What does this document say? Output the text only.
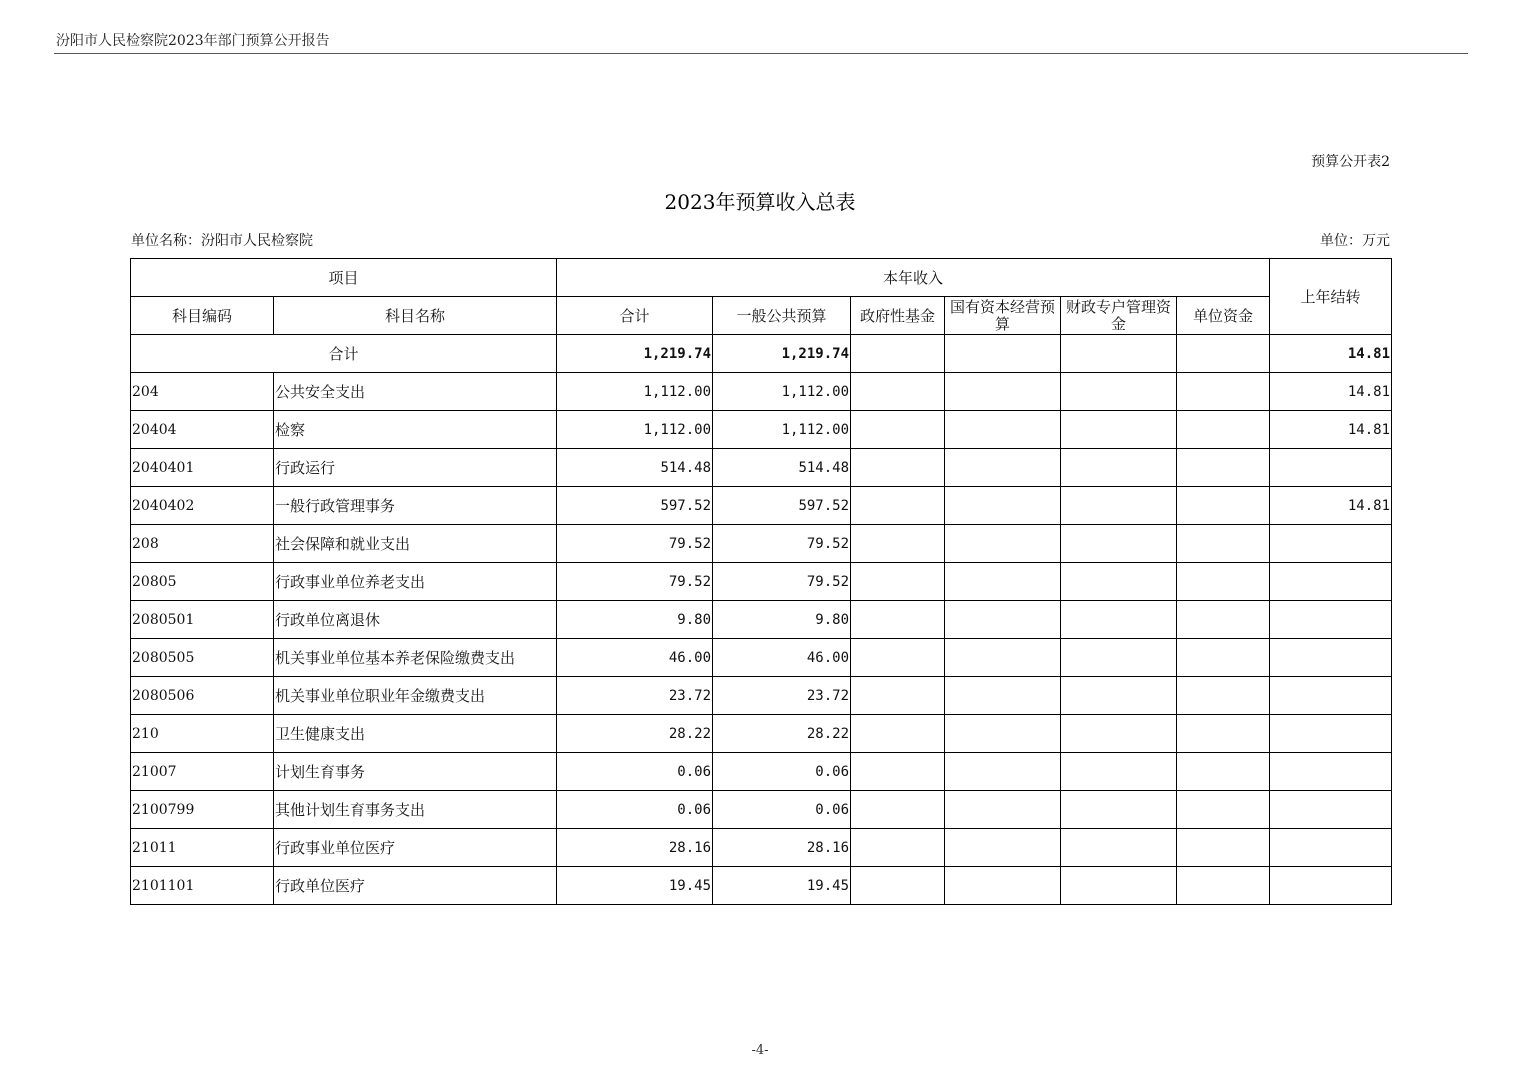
汾阳市人民检察院2023年部门预算公开报告
预算公开表2
2023年预算收入总表
单位名称：汾阳市人民检察院	单位：万元
项目		本年收入						上年结转
科目编码	科目名称	合计	一般公共预算	政府性基金	国有资本经营预算	财政专户管理资金	单位资金	
合计		1,219.74	1,219.74					14.81
204	公共安全支出	1,112.00	1,112.00					14.81
20404	检察	1,112.00	1,112.00					14.81
2040401	行政运行	514.48	514.48					
2040402	一般行政管理事务	597.52	597.52					14.81
208	社会保障和就业支出	79.52	79.52					
20805	行政事业单位养老支出	79.52	79.52					
2080501	行政单位离退休	9.80	9.80					
2080505	机关事业单位基本养老保险缴费支出	46.00	46.00					
2080506	机关事业单位职业年金缴费支出	23.72	23.72					
210	卫生健康支出	28.22	28.22					
21007	计划生育事务	0.06	0.06					
2100799	其他计划生育事务支出	0.06	0.06					
21011	行政事业单位医疗	28.16	28.16					
2101101	行政单位医疗	19.45	19.45					
-4-
